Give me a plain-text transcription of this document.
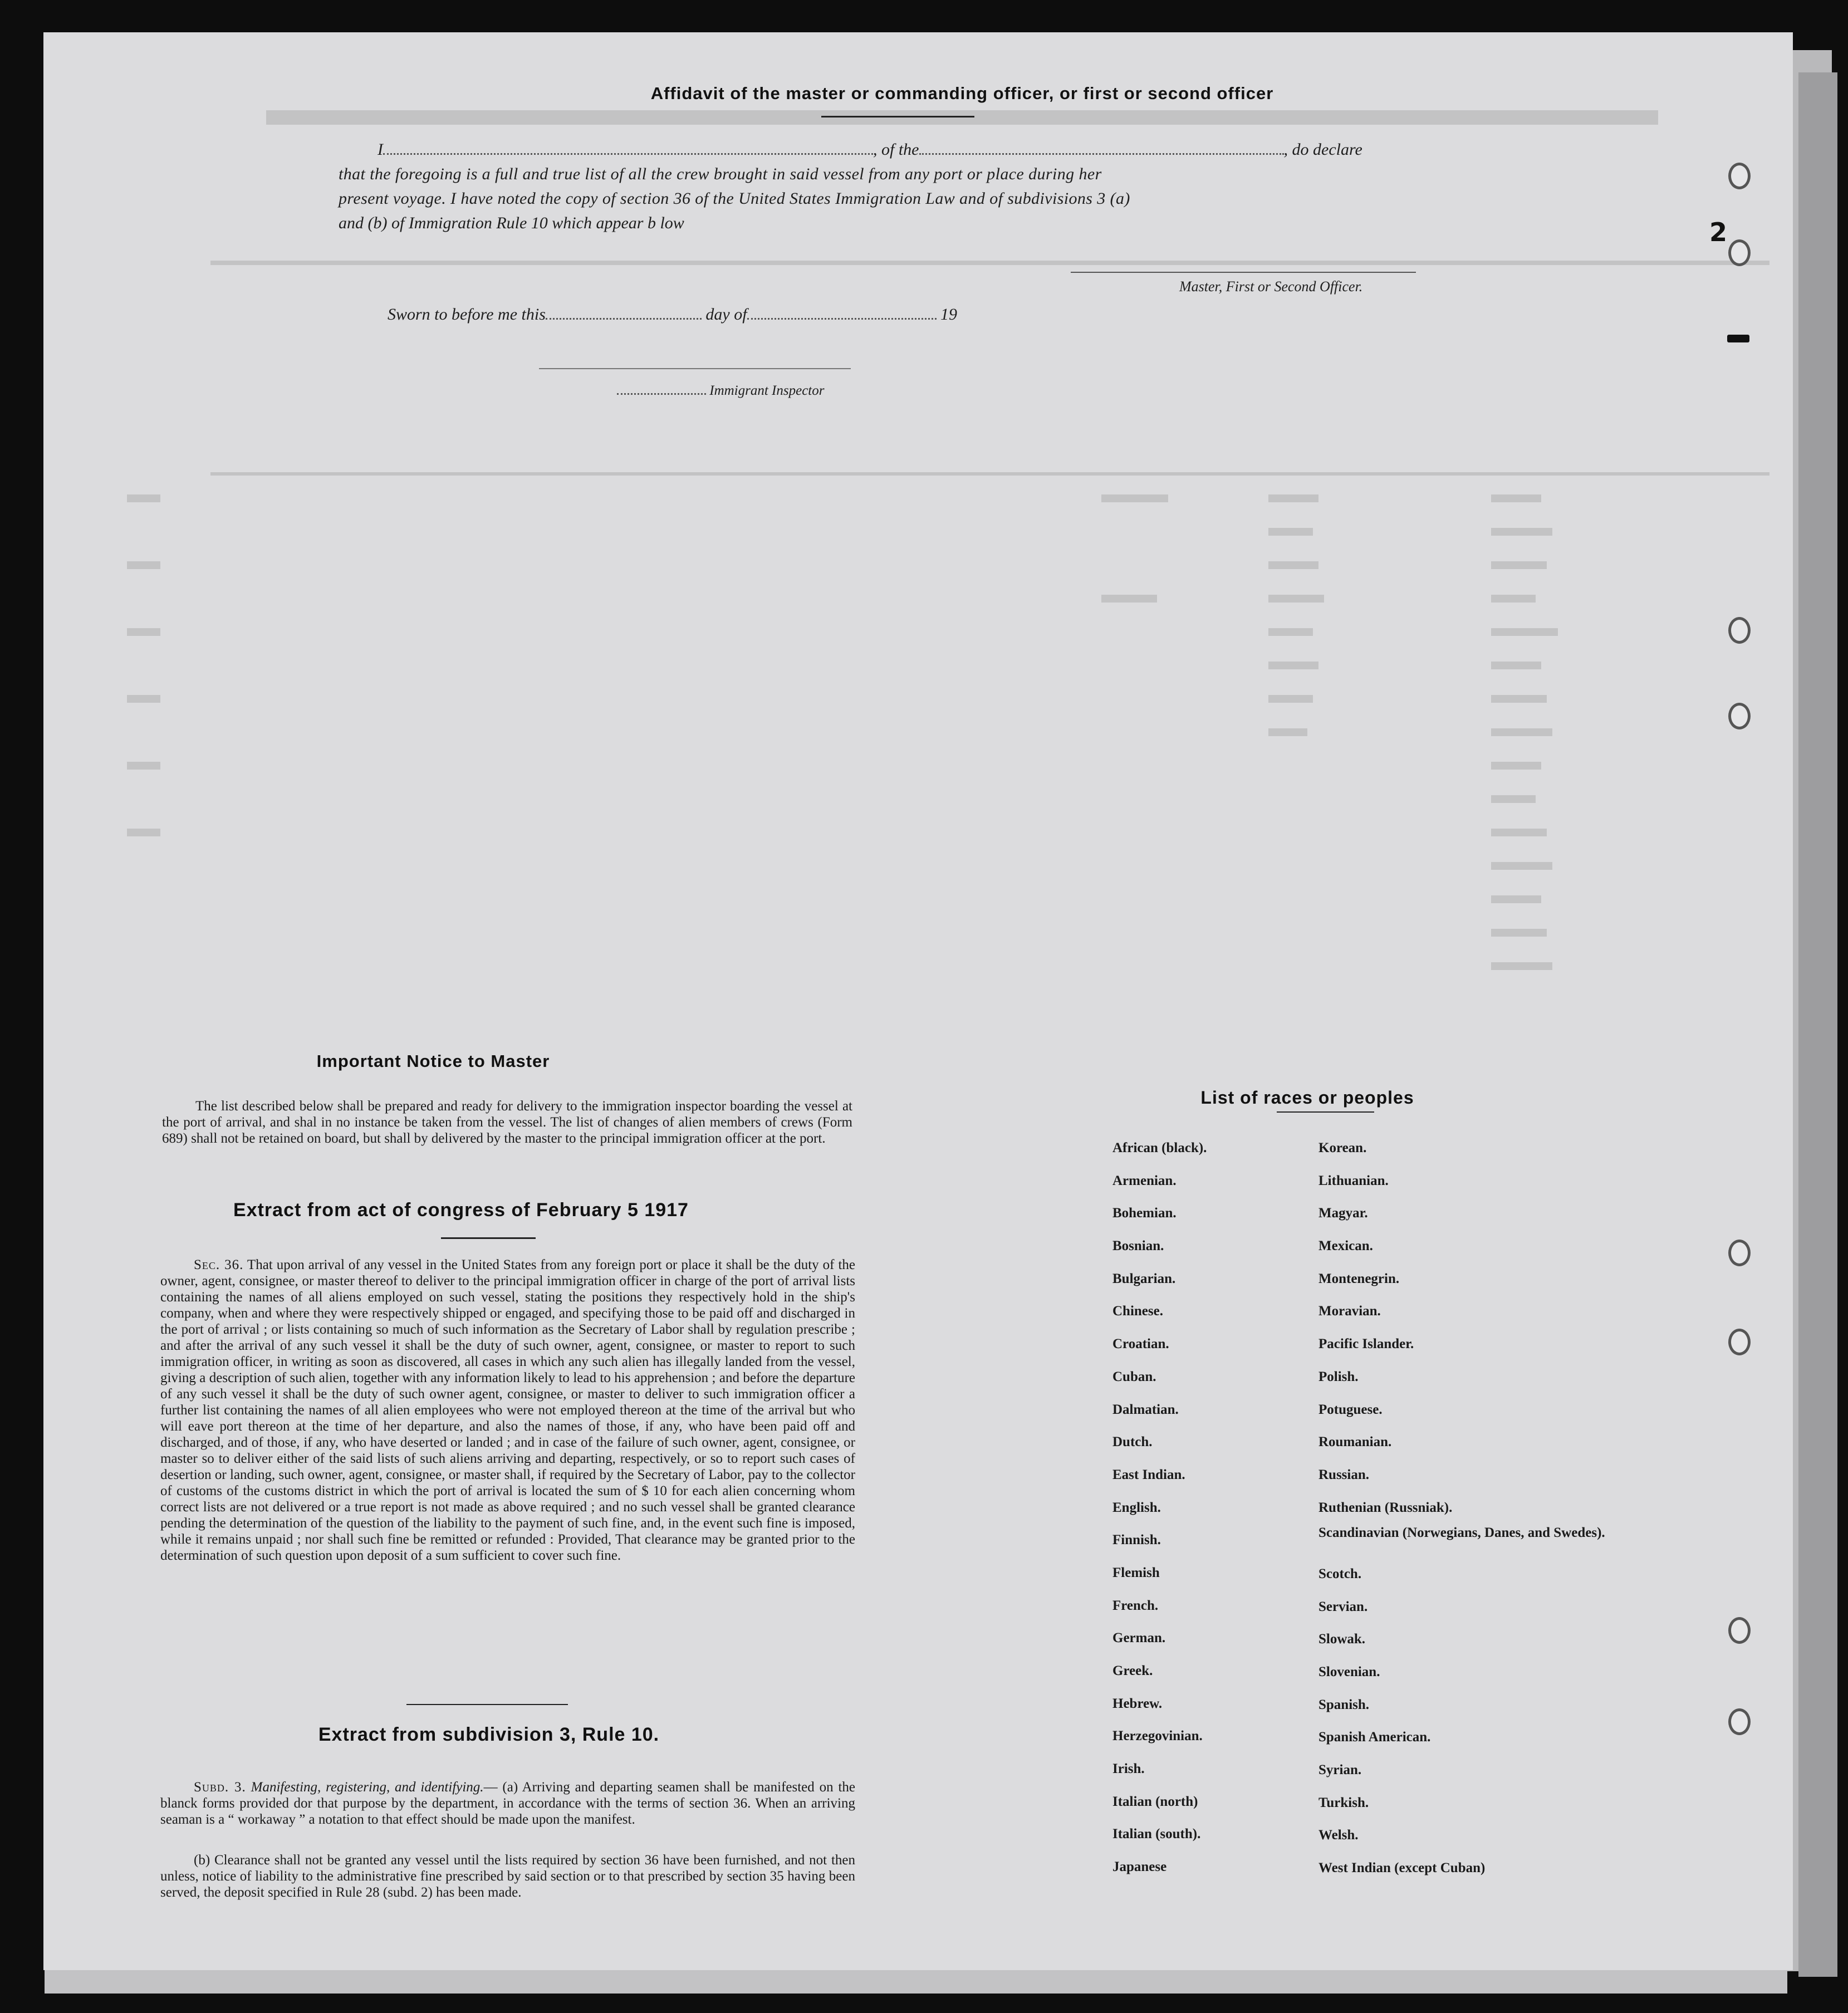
Affidavit of the master or commanding officer, or first or second officer
I	, of the	, do declare
that the foregoing is a full and true list of all the crew brought in said vessel from any port or place during her
present voyage. I have noted the copy of section 36 of the United States Immigration Law and of subdivisions 3 (a)
and (b) of Immigration Rule 10 which appear b low
Master, First or Second Officer.
Sworn to before me this	day of	19
Immigrant Inspector
Important Notice to Master
The list described below shall be prepared and ready for delivery to the immigration inspector boarding the vessel at the port of arrival, and shal in no instance be taken from the vessel. The list of changes of alien members of crews (Form 689) shall not be retained on board, but shall by delivered by the master to the principal immigration officer at the port.
Extract from act of congress of February 5 1917
Sec. 36. That upon arrival of any vessel in the United States from any foreign port or place it shall be the duty of the owner, agent, consignee, or master thereof to deliver to the principal immigration officer in charge of the port of arrival lists containing the names of all aliens employed on such vessel, stating the positions they respectively hold in the ship's company, when and where they were respectively shipped or engaged, and specifying those to be paid off and discharged in the port of arrival ; or lists containing so much of such information as the Secretary of Labor shall by regulation prescribe ; and after the arrival of any such vessel it shall be the duty of such owner, agent, consignee, or master to report to such immigration officer, in writing as soon as discovered, all cases in which any such alien has illegally landed from the vessel, giving a description of such alien, together with any information likely to lead to his apprehension ; and before the departure of any such vessel it shall be the duty of such owner agent, consignee, or master to deliver to such immigration officer a further list containing the names of all alien employees who were not employed thereon at the time of the arrival but who will eave port thereon at the time of her departure, and also the names of those, if any, who have been paid off and discharged, and of those, if any, who have deserted or landed ; and in case of the failure of such owner, agent, consignee, or master so to deliver either of the said lists of such aliens arriving and departing, respectively, or so to report such cases of desertion or landing, such owner, agent, consignee, or master shall, if required by the Secretary of Labor, pay to the collector of customs of the customs district in which the port of arrival is located the sum of $ 10 for each alien concerning whom correct lists are not delivered or a true report is not made as above required ; and no such vessel shall be granted clearance pending the determination of the question of the liability to the payment of such fine, and, in the event such fine is imposed, while it remains unpaid ; nor shall such fine be remitted or refunded : Provided, That clearance may be granted prior to the determination of such question upon deposit of a sum sufficient to cover such fine.
Extract from subdivision 3, Rule 10.
Subd. 3. Manifesting, registering, and identifying.— (a) Arriving and departing seamen shall be manifested on the blanck forms provided dor that purpose by the department, in accordance with the terms of section 36. When an arriving seaman is a “ workaway ” a notation to that effect should be made upon the manifest.
(b) Clearance shall not be granted any vessel until the lists required by section 36 have been furnished, and not then unless, notice of liability to the administrative fine prescribed by said section or to that prescribed by section 35 having been served, the deposit specified in Rule 28 (subd. 2) has been made.
List of races or peoples
African (black).
Armenian.
Bohemian.
Bosnian.
Bulgarian.
Chinese.
Croatian.
Cuban.
Dalmatian.
Dutch.
East Indian.
English.
Finnish.
Flemish
French.
German.
Greek.
Hebrew.
Herzegovinian.
Irish.
Italian (north)
Italian (south).
Japanese
Korean.
Lithuanian.
Magyar.
Mexican.
Montenegrin.
Moravian.
Pacific Islander.
Polish.
Potuguese.
Roumanian.
Russian.
Ruthenian (Russniak).
Scandinavian (Norwegians, Danes, and Swedes).
Scotch.
Servian.
Slowak.
Slovenian.
Spanish.
Spanish American.
Syrian.
Turkish.
Welsh.
West Indian (except Cuban)
2
